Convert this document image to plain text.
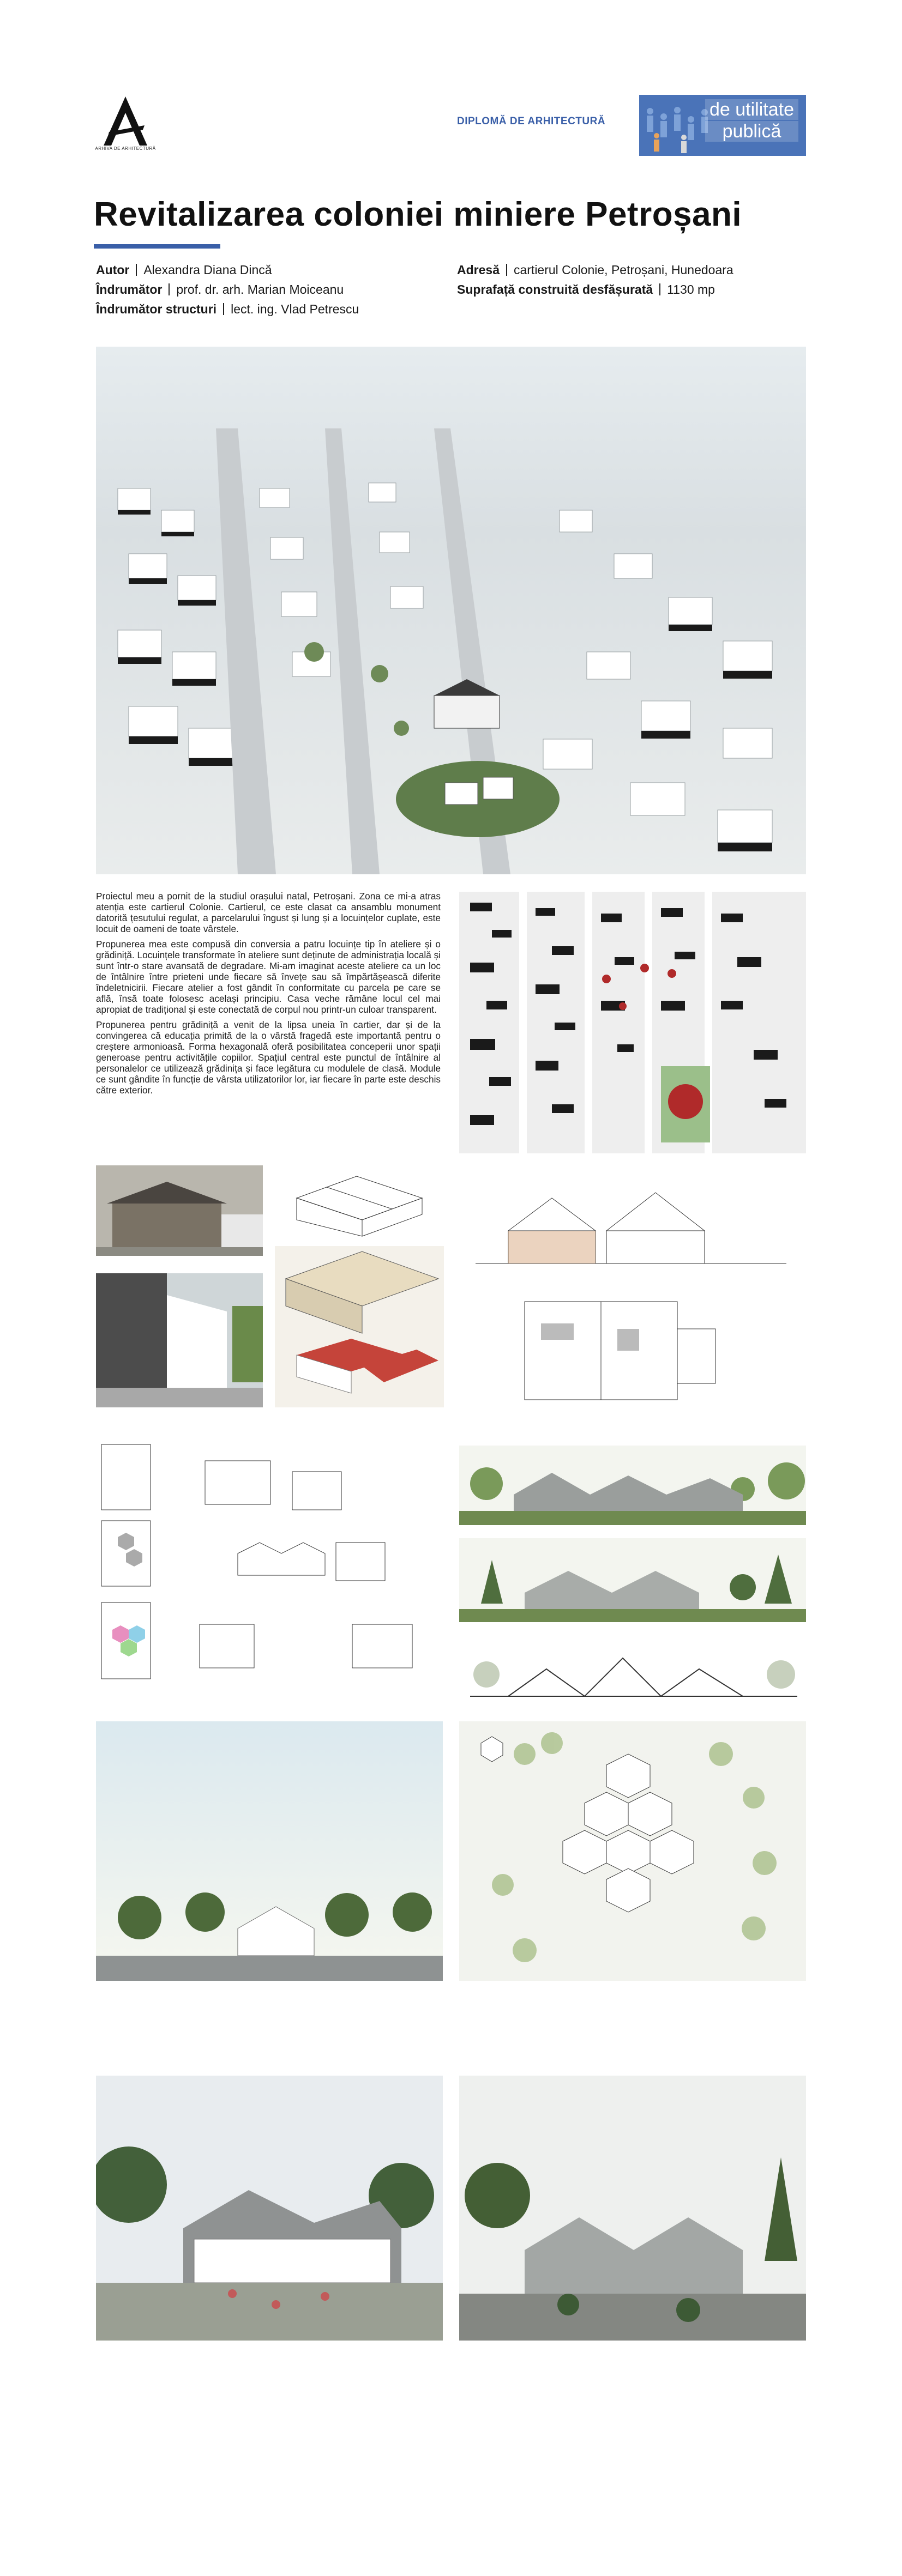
ARHIVA DE ARHITECTURĂ
DIPLOMĂ DE ARHITECTURĂ
de utilitate
publică
Revitalizarea coloniei miniere Petroșani
Autor Alexandra Diana Dincă
Îndrumător prof. dr. arh. Marian Moiceanu
Îndrumător structuri lect. ing. Vlad Petrescu
Adresă cartierul Colonie, Petroșani, Hunedoara
Suprafață construită desfășurată 1130 mp

Proiectul meu a pornit de la studiul orașului natal, Petroșani. Zona ce mi-a atras atenția este cartierul Colonie. Cartierul, ce este clasat ca ansamblu monument datorită țesutului regulat, a parcelarului îngust și lung și a locuințelor cuplate, este locuit de oameni de toate vârstele.

Propunerea mea este compusă din conversia a patru locuințe tip în ateliere și o grădiniță. Locuințele transformate în ateliere sunt deținute de administrația locală și sunt într-o stare avansată de degradare. Mi-am imaginat aceste ateliere ca un loc de întâlnire între prieteni unde fiecare să învețe sau să împărtășească diferite îndeletnicirii. Fiecare atelier a fost gândit în conformitate cu parcela pe care se află, însă toate folosesc același principiu. Casa veche rămâne locul cel mai apropiat de tradițional și este conectată de corpul nou printr-un culoar transparent.

Propunerea pentru grădiniță a venit de la lipsa uneia în cartier, dar și de la convingerea că educația primită de la o vârstă fragedă este importantă pentru o creștere armonioasă. Forma hexagonală oferă posibilitatea conceperii unor spații generoase pentru activitățile copiilor. Spațiul central este punctul de întâlnire al personalelor ce utilizează grădinița și face legătura cu modulele de clasă. Module ce sunt gândite în funcție de vârsta utilizatorilor lor, iar fiecare în parte este deschis către exterior.
